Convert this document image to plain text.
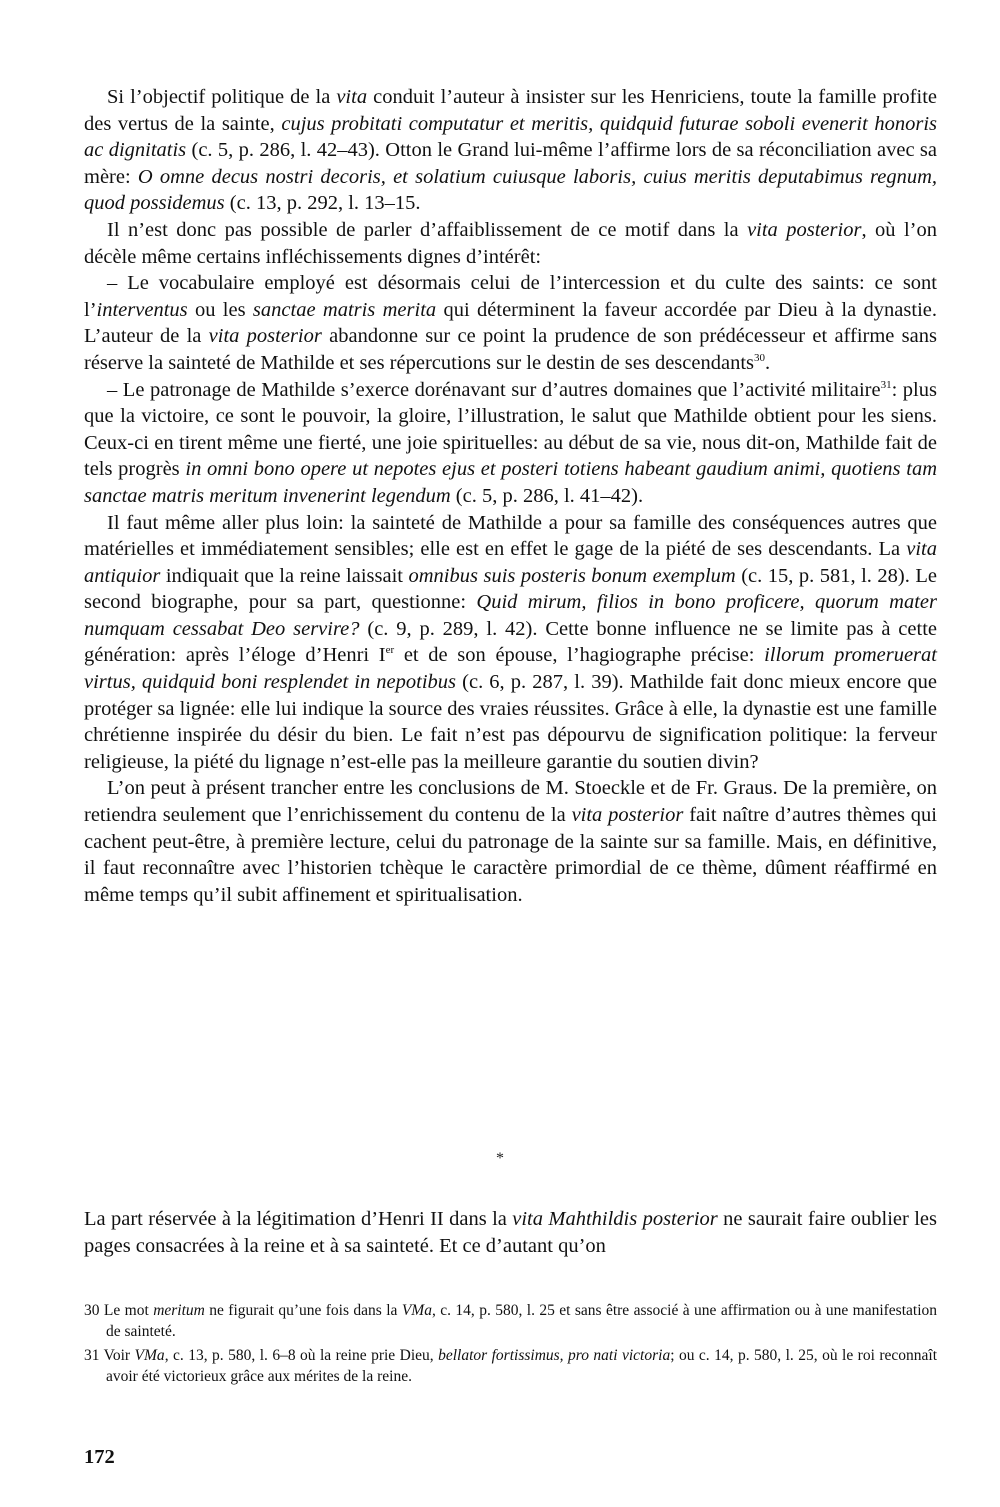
Si l’objectif politique de la vita conduit l’auteur à insister sur les Henriciens, toute la famille profite des vertus de la sainte, cujus probitati computatur et meritis, quidquid futurae soboli evenerit honoris ac dignitatis (c. 5, p. 286, l. 42–43). Otton le Grand lui-même l’affirme lors de sa réconciliation avec sa mère: O omne decus nostri decoris, et solatium cuiusque laboris, cuius meritis deputabimus regnum, quod possidemus (c. 13, p. 292, l. 13–15.

Il n’est donc pas possible de parler d’affaiblissement de ce motif dans la vita posterior, où l’on décèle même certains infléchissements dignes d’intérêt:

– Le vocabulaire employé est désormais celui de l’intercession et du culte des saints: ce sont l’interventus ou les sanctae matris merita qui déterminent la faveur accordée par Dieu à la dynastie. L’auteur de la vita posterior abandonne sur ce point la prudence de son prédécesseur et affirme sans réserve la sainteté de Mathilde et ses répercutions sur le destin de ses descendants$^{30}$.

– Le patronage de Mathilde s’exerce dorénavant sur d’autres domaines que l’activité militaire$^{31}$: plus que la victoire, ce sont le pouvoir, la gloire, l’illustration, le salut que Mathilde obtient pour les siens. Ceux-ci en tirent même une fierté, une joie spirituelles: au début de sa vie, nous dit-on, Mathilde fait de tels progrès in omni bono opere ut nepotes ejus et posteri totiens habeant gaudium animi, quotiens tam sanctae matris meritum invenerint legendum (c. 5, p. 286, l. 41–42).

Il faut même aller plus loin: la sainteté de Mathilde a pour sa famille des conséquences autres que matérielles et immédiatement sensibles; elle est en effet le gage de la piété de ses descendants. La vita antiquior indiquait que la reine laissait omnibus suis posteris bonum exemplum (c. 15, p. 581, l. 28). Le second biographe, pour sa part, questionne: Quid mirum, filios in bono proficere, quorum mater numquam cessabat Deo servire? (c. 9, p. 289, l. 42). Cette bonne influence ne se limite pas à cette génération: après l’éloge d’Henri Ier et de son épouse, l’hagiographe précise: illorum promeruerat virtus, quidquid boni resplendet in nepotibus (c. 6, p. 287, l. 39). Mathilde fait donc mieux encore que protéger sa lignée: elle lui indique la source des vraies réussites. Grâce à elle, la dynastie est une famille chrétienne inspirée du désir du bien. Le fait n’est pas dépourvu de signification politique: la ferveur religieuse, la piété du lignage n’est-elle pas la meilleure garantie du soutien divin?

L’on peut à présent trancher entre les conclusions de M. Stoeckle et de Fr. Graus. De la première, on retiendra seulement que l’enrichissement du contenu de la vita posterior fait naître d’autres thèmes qui cachent peut-être, à première lecture, celui du patronage de la sainte sur sa famille. Mais, en définitive, il faut reconnaître avec l’historien tchèque le caractère primordial de ce thème, dûment réaffirmé en même temps qu’il subit affinement et spiritualisation.

*

La part réservée à la légitimation d’Henri II dans la vita Mahthildis posterior ne saurait faire oublier les pages consacrées à la reine et à sa sainteté. Et ce d’autant qu’on

30 Le mot meritum ne figurait qu’une fois dans la VMa, c. 14, p. 580, l. 25 et sans être associé à une affirmation ou à une manifestation de sainteté.

31 Voir VMa, c. 13, p. 580, l. 6–8 où la reine prie Dieu, bellator fortissimus, pro nati victoria; ou c. 14, p. 580, l. 25, où le roi reconnaît avoir été victorieux grâce aux mérites de la reine.

172
